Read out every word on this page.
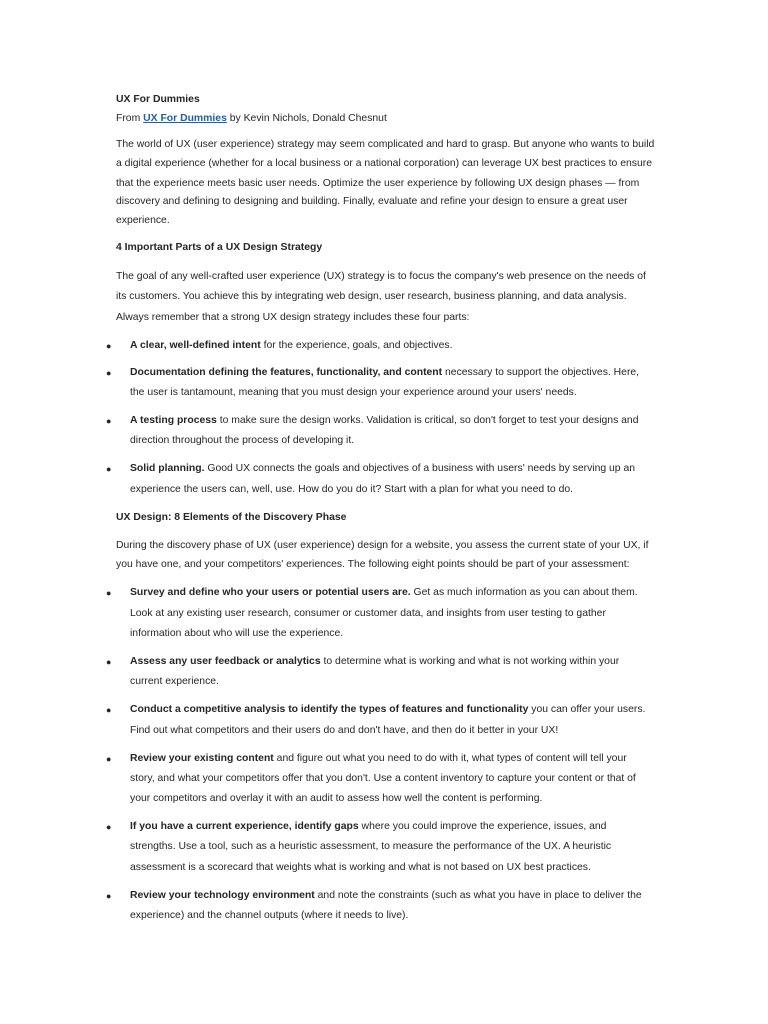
UX For Dummies
From UX For Dummies by Kevin Nichols, Donald Chesnut
The world of UX (user experience) strategy may seem complicated and hard to grasp. But anyone who wants to build
a digital experience (whether for a local business or a national corporation) can leverage UX best practices to ensure
that the experience meets basic user needs. Optimize the user experience by following UX design phases — from
discovery and defining to designing and building. Finally, evaluate and refine your design to ensure a great user
experience.
4 Important Parts of a UX Design Strategy
The goal of any well-crafted user experience (UX) strategy is to focus the company's web presence on the needs of
its customers. You achieve this by integrating web design, user research, business planning, and data analysis.
Always remember that a strong UX design strategy includes these four parts:
● A clear, well-defined intent for the experience, goals, and objectives.
● Documentation defining the features, functionality, and content necessary to support the objectives. Here,
the user is tantamount, meaning that you must design your experience around your users' needs.
● A testing process to make sure the design works. Validation is critical, so don't forget to test your designs and
direction throughout the process of developing it.
● Solid planning. Good UX connects the goals and objectives of a business with users' needs by serving up an
experience the users can, well, use. How do you do it? Start with a plan for what you need to do.
UX Design: 8 Elements of the Discovery Phase
During the discovery phase of UX (user experience) design for a website, you assess the current state of your UX, if
you have one, and your competitors' experiences. The following eight points should be part of your assessment:
● Survey and define who your users or potential users are. Get as much information as you can about them.
Look at any existing user research, consumer or customer data, and insights from user testing to gather
information about who will use the experience.
● Assess any user feedback or analytics to determine what is working and what is not working within your
current experience.
● Conduct a competitive analysis to identify the types of features and functionality you can offer your users.
Find out what competitors and their users do and don't have, and then do it better in your UX!
● Review your existing content and figure out what you need to do with it, what types of content will tell your
story, and what your competitors offer that you don't. Use a content inventory to capture your content or that of
your competitors and overlay it with an audit to assess how well the content is performing.
● If you have a current experience, identify gaps where you could improve the experience, issues, and
strengths. Use a tool, such as a heuristic assessment, to measure the performance of the UX. A heuristic
assessment is a scorecard that weights what is working and what is not based on UX best practices.
● Review your technology environment and note the constraints (such as what you have in place to deliver the
experience) and the channel outputs (where it needs to live).
